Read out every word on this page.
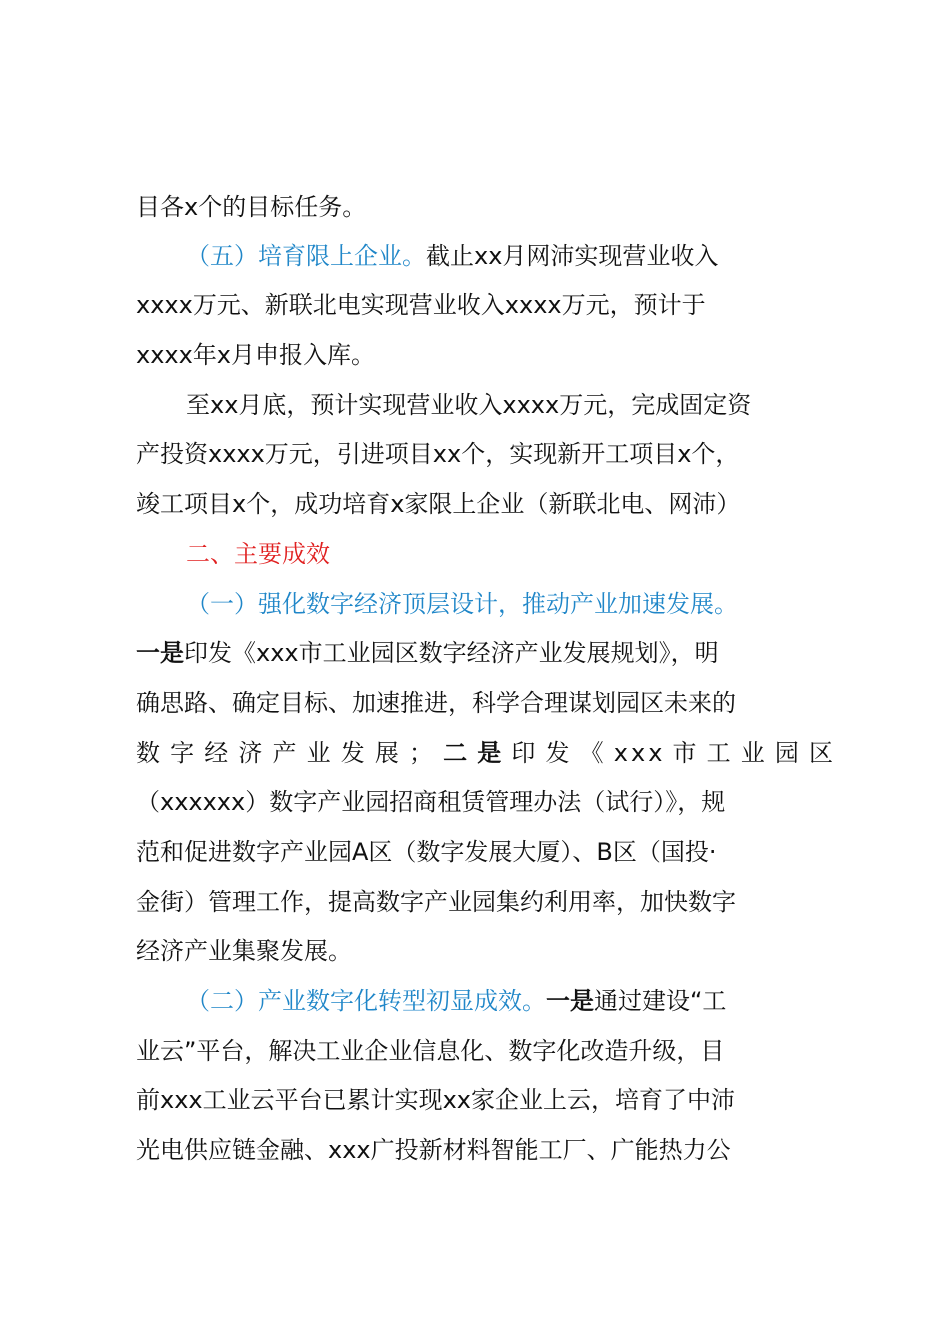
目各x个的目标任务。
（五）培育限上企业。截止xx月网沛实现营业收入
xxxx万元、新联北电实现营业收入xxxx万元，预计于
xxxx年x月申报入库。
至xx月底，预计实现营业收入xxxx万元，完成固定资
产投资xxxx万元，引进项目xx个，实现新开工项目x个，
竣工项目x个，成功培育x家限上企业（新联北电、网沛）
二、主要成效
（一）强化数字经济顶层设计，推动产业加速发展。
一是印发《xxx市工业园区数字经济产业发展规划》，明
确思路、确定目标、加速推进，科学合理谋划园区未来的
数字经济产业发展；二是印发《xxx市工业园区
（xxxxxx）数字产业园招商租赁管理办法（试行）》，规
范和促进数字产业园A区（数字发展大厦）、B区（国投·
金街）管理工作，提高数字产业园集约利用率，加快数字
经济产业集聚发展。
（二）产业数字化转型初显成效。一是通过建设“工
业云”平台，解决工业企业信息化、数字化改造升级，目
前xxx工业云平台已累计实现xx家企业上云，培育了中沛
光电供应链金融、xxx广投新材料智能工厂、广能热力公
